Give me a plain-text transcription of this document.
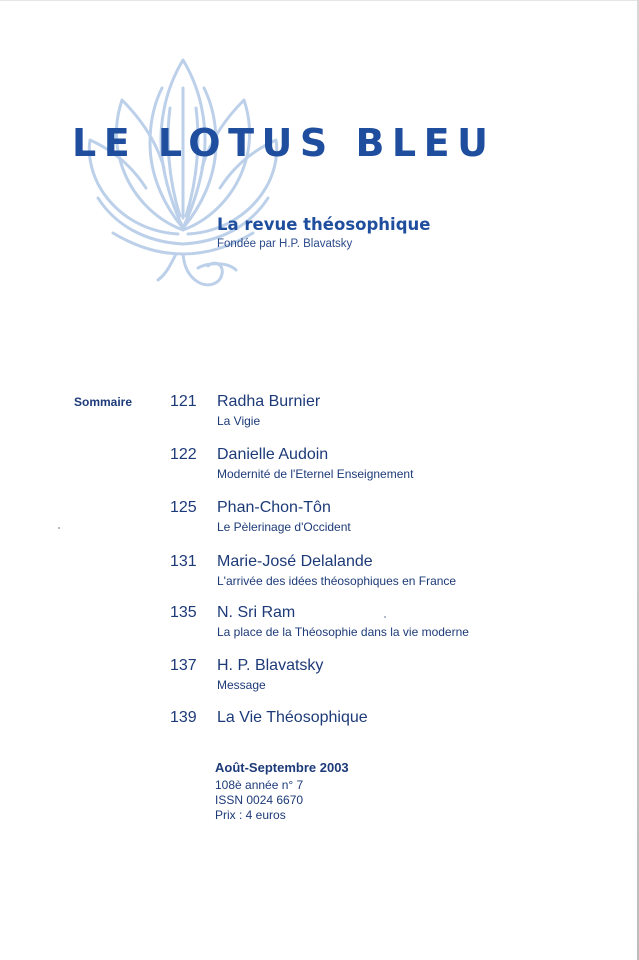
LE LOTUS BLEU
La revue théosophique
Fondée par H.P. Blavatsky
Sommaire 121 Radha Burnier
La Vigie
122 Danielle Audoin
Modernité de l'Eternel Enseignement
125 Phan-Chon-Tôn
Le Pèlerinage d'Occident
131 Marie-José Delalande
L'arrivée des idées théosophiques en France
135 N. Sri Ram
La place de la Théosophie dans la vie moderne
137 H. P. Blavatsky
Message
139 La Vie Théosophique
Août-Septembre 2003
108è année n° 7
ISSN 0024 6670
Prix : 4 euros
